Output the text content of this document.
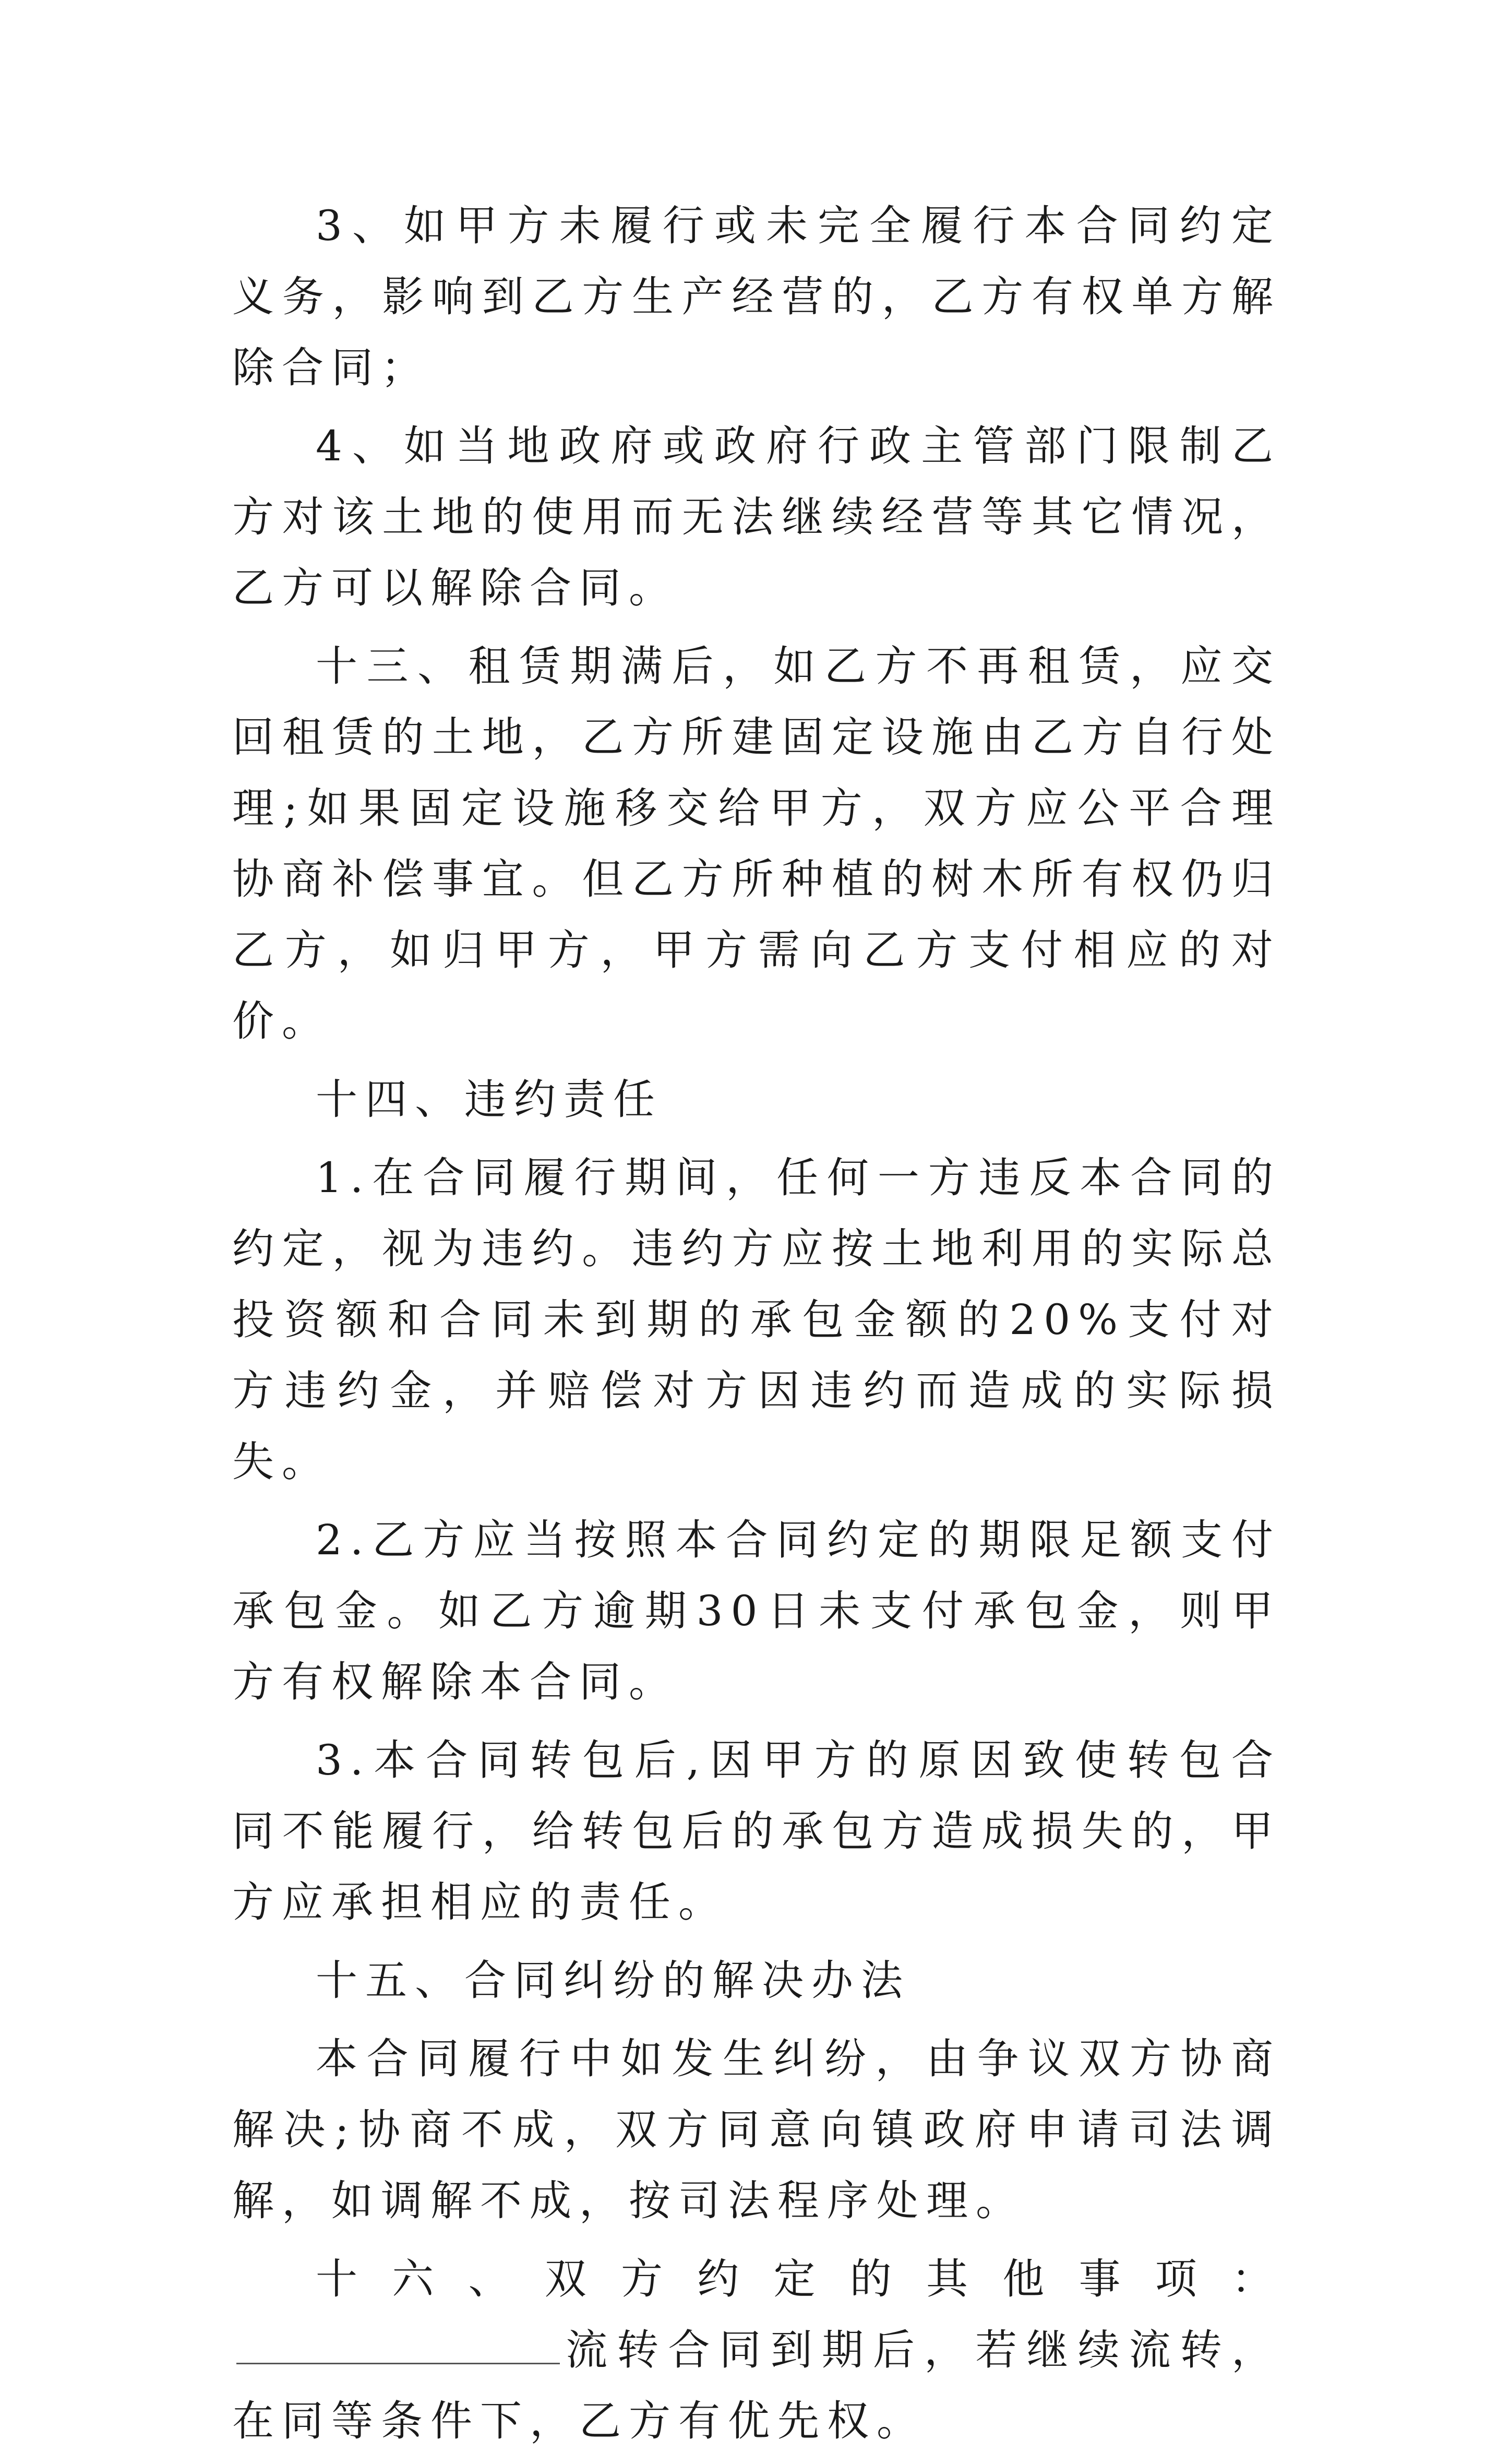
3、如甲方未履行或未完全履行本合同约定义务，影响到乙方生产经营的，乙方有权单方解除合同；

4、如当地政府或政府行政主管部门限制乙方对该土地的使用而无法继续经营等其它情况，乙方可以解除合同。

十三、租赁期满后，如乙方不再租赁，应交回租赁的土地，乙方所建固定设施由乙方自行处理;如果固定设施移交给甲方，双方应公平合理协商补偿事宜。但乙方所种植的树木所有权仍归乙方，如归甲方，甲方需向乙方支付相应的对价。

十四、违约责任

1.在合同履行期间，任何一方违反本合同的约定，视为违约。违约方应按土地利用的实际总投资额和合同未到期的承包金额的20%支付对方违约金，并赔偿对方因违约而造成的实际损失。

2.乙方应当按照本合同约定的期限足额支付承包金。如乙方逾期30日未支付承包金，则甲方有权解除本合同。

3.本合同转包后,因甲方的原因致使转包合同不能履行，给转包后的承包方造成损失的，甲方应承担相应的责任。

十五、合同纠纷的解决办法

本合同履行中如发生纠纷，由争议双方协商解决;协商不成，双方同意向镇政府申请司法调解，如调解不成，按司法程序处理。

十六、双方约定的其他事项：流转合同到期后，若继续流转，在同等条件下，乙方有优先权。
